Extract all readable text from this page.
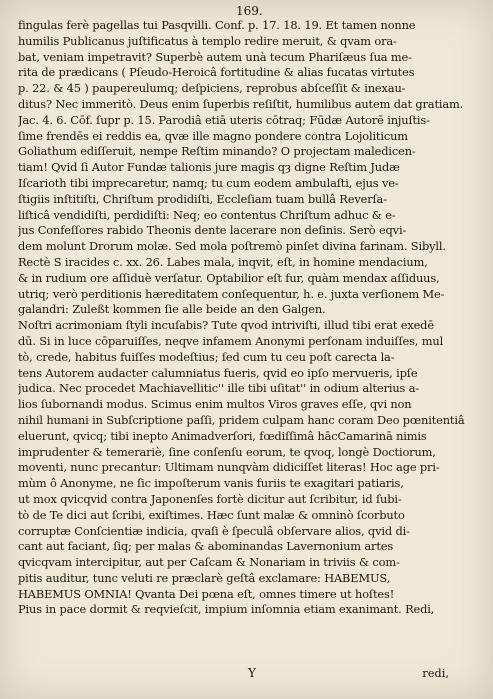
169.
fingulas ferè pagellas tui Pasqvilli. Conf. p. 17. 18. 19. Et tamen nonne
humilis Publicanus juſtificatus à templo redire meruit, & qvam ora-
bat, veniam impetravit? Superbè autem unà tecum Phariſæus ſua me-
rita de prædicans ( Pſeudo-Heroicâ fortitudine & alias fucatas virtutes
p. 22. & 45 ) paupereulumq; deſpiciens, reprobus abſceſſit & inexau-
ditus? Nec immeritò. Deus enim ſuperbis reſiſtit, humilibus autem dat gratiam.
Jac. 4. 6. Cōf. ſupr p. 15. Parodiâ etiā uteris cōtraq; Fūdæ Autorē injuſtis-
ſime frendēs ei reddis ea, qvæ ille magno pondere contra Lojoliticum
Goliathum ediſſeruit, nempe Reſtim minando? O projectam maledicen-
tiam! Qvid ſi Autor Fundæ talionis jure magis qȝ digne Reſtim Judæ
Iſcarioth tibi imprecaretur, namq; tu cum eodem ambulaſti, ejus ve-
ſtigiis inſtitiſti, Chriſtum prodidiſti, Eccleſiam tuam bullâ Reverſa-
liſticâ vendidiſti, perdidiſti: Neq; eo contentus Chriſtum adhuc & e-
jus Confeſſores rabido Theonis dente lacerare non deſinis. Serò eqvi-
dem molunt Drorum molæ. Sed mola poſtremò pinſet divina farinam. Sibyll.
Rectè S iracides c. xx. 26. Labes mala, inqvit, eſt, in homine mendacium,
& in rudium ore aſſiduè verſatur. Optabilior eſt fur, quàm mendax aſſiduus,
utriq; verò perditionis hæreditatem conſequentur, h. e. juxta verſionem Me-
galandri: Zuleßt kommen ſie alle beide an den Galgen.
Noſtri acrimoniam ſtyli incuſabis? Tute qvod intriviſti, illud tibi erat exedē
dū. Si in luce cōparuiſſes, neqve infamem Anonymi perſonam induiſſes, mul
tò, crede, habitus fuiſſes modeſtius; ſed cum tu ceu poſt carecta la-
tens Autorem audacter calumniatus fueris, qvid eo ipſo mervueris, ipſe
judica. Nec procedet Machiavellitic'' ille tibi uſitat'' in odium alterius a-
lios ſubornandi modus. Scimus enim multos Viros graves eſſe, qvi non
nihil humani in Subſcriptione paſſi, pridem culpam hanc coram Deo pœnitentiâ
eluerunt, qvicq; tibi inepto Animadverſori, fœdiſſimâ hācCamarinā nimis
imprudenter & temerariè, ſine conſenſu eorum, te qvoq, longè Doctiorum,
moventi, nunc precantur: Ultimam nunqvàm didiciſſet literas! Hoc age pri-
mùm ô Anonyme, ne ſic impoſterum vanis furiis te exagitari patiaris,
ut mox qvicqvid contra Japonenſes fortè dicitur aut ſcribitur, id ſubi-
tò de Te dici aut ſcribi, exiſtimes. Hæc ſunt malæ & omninò ſcorbuto
corruptæ Conſcientiæ indicia, qvaſi è ſpeculâ obſervare alios, qvid di-
cant aut faciant, ſiq; per malas & abominandas Lavernonium artes
qvicqvam intercipitur, aut per Caſcam & Nonariam in triviis & com-
pitis auditur, tunc veluti re præclarè geſtâ exclamare: HABEMUS,
HABEMUS OMNIA! Qvanta Dei pœna eſt, omnes timere ut hoſtes!
Pius in pace dormit & reqvieſcit, impium inſomnia etiam exanimant. Redi,
Y	redi,
